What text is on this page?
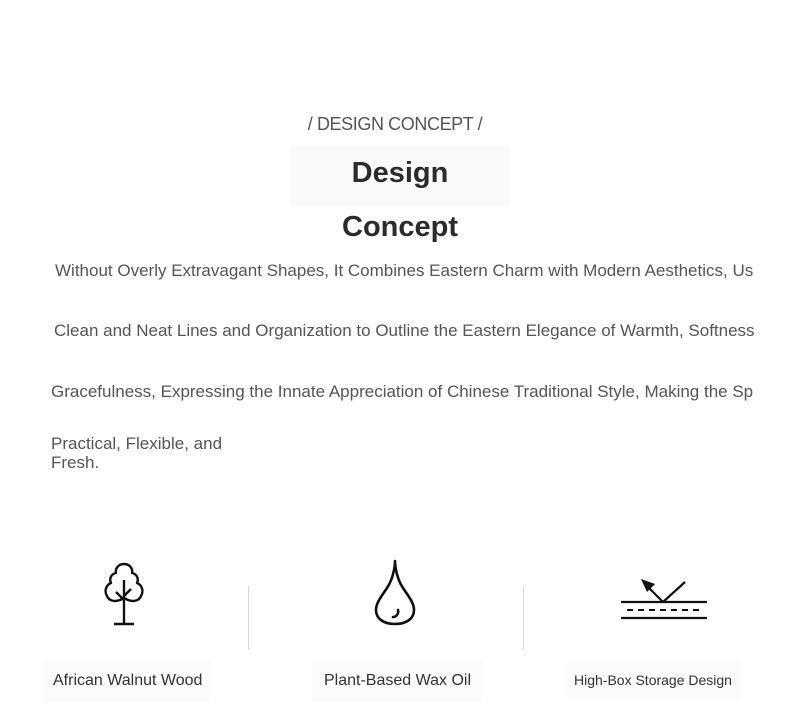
/ DESIGN CONCEPT /
Design Concept
Without Overly Extravagant Shapes, It Combines Eastern Charm with Modern Aesthetics, Us
Clean and Neat Lines and Organization to Outline the Eastern Elegance of Warmth, Softness
Gracefulness, Expressing the Innate Appreciation of Chinese Traditional Style, Making the Sp
Practical, Flexible, and Fresh.
African Walnut Wood	Plant-Based Wax Oil	High-Box Storage Design
